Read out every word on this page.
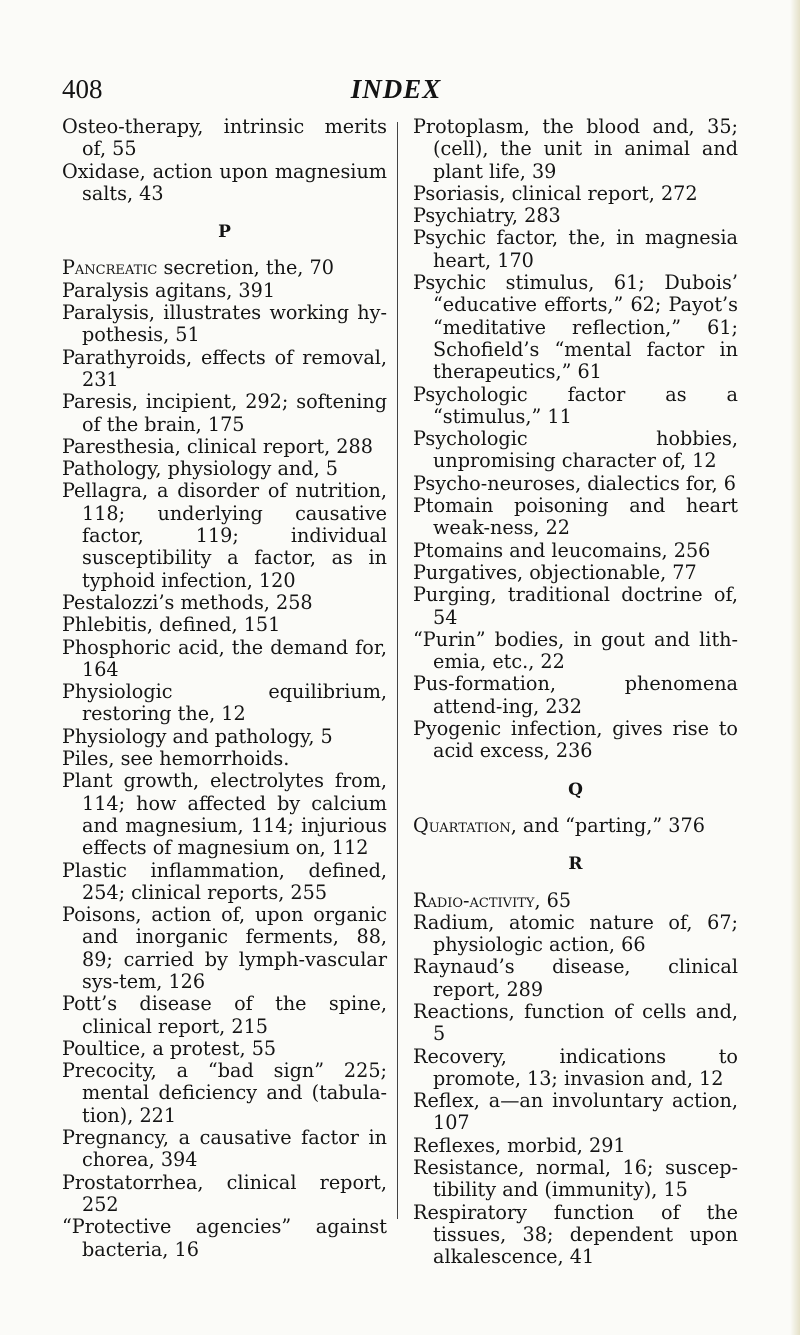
408	INDEX
Osteo-therapy, intrinsic merits of, 55
Oxidase, action upon magnesium salts, 43
P
Pancreatic secretion, the, 70
Paralysis agitans, 391
Paralysis, illustrates working hy-pothesis, 51
Parathyroids, effects of removal, 231
Paresis, incipient, 292; softening of the brain, 175
Paresthesia, clinical report, 288
Pathology, physiology and, 5
Pellagra, a disorder of nutrition, 118; underlying causative factor, 119; individual susceptibility a factor, as in typhoid infection, 120
Pestalozzi’s methods, 258
Phlebitis, defined, 151
Phosphoric acid, the demand for, 164
Physiologic equilibrium, restoring the, 12
Physiology and pathology, 5
Piles, see hemorrhoids.
Plant growth, electrolytes from, 114; how affected by calcium and magnesium, 114; injurious effects of magnesium on, 112
Plastic inflammation, defined, 254; clinical reports, 255
Poisons, action of, upon organic and inorganic ferments, 88, 89; carried by lymph-vascular sys-tem, 126
Pott’s disease of the spine, clinical report, 215
Poultice, a protest, 55
Precocity, a “bad sign” 225; mental deficiency and (tabula-tion), 221
Pregnancy, a causative factor in chorea, 394
Prostatorrhea, clinical report, 252
“Protective agencies” against bacteria, 16
Protoplasm, the blood and, 35; (cell), the unit in animal and plant life, 39
Psoriasis, clinical report, 272
Psychiatry, 283
Psychic factor, the, in magnesia heart, 170
Psychic stimulus, 61; Dubois’ “educative efforts,” 62; Payot’s “meditative reflection,” 61; Schofield’s “mental factor in therapeutics,” 61
Psychologic factor as a “stimulus,” 11
Psychologic hobbies, unpromising character of, 12
Psycho-neuroses, dialectics for, 6
Ptomain poisoning and heart weak-ness, 22
Ptomains and leucomains, 256
Purgatives, objectionable, 77
Purging, traditional doctrine of, 54
“Purin” bodies, in gout and lith-emia, etc., 22
Pus-formation, phenomena attend-ing, 232
Pyogenic infection, gives rise to acid excess, 236
Q
Quartation, and “parting,” 376
R
Radio-activity, 65
Radium, atomic nature of, 67; physiologic action, 66
Raynaud’s disease, clinical report, 289
Reactions, function of cells and, 5
Recovery, indications to promote, 13; invasion and, 12
Reflex, a—an involuntary action, 107
Reflexes, morbid, 291
Resistance, normal, 16; suscep-tibility and (immunity), 15
Respiratory function of the tissues, 38; dependent upon alkalescence, 41
